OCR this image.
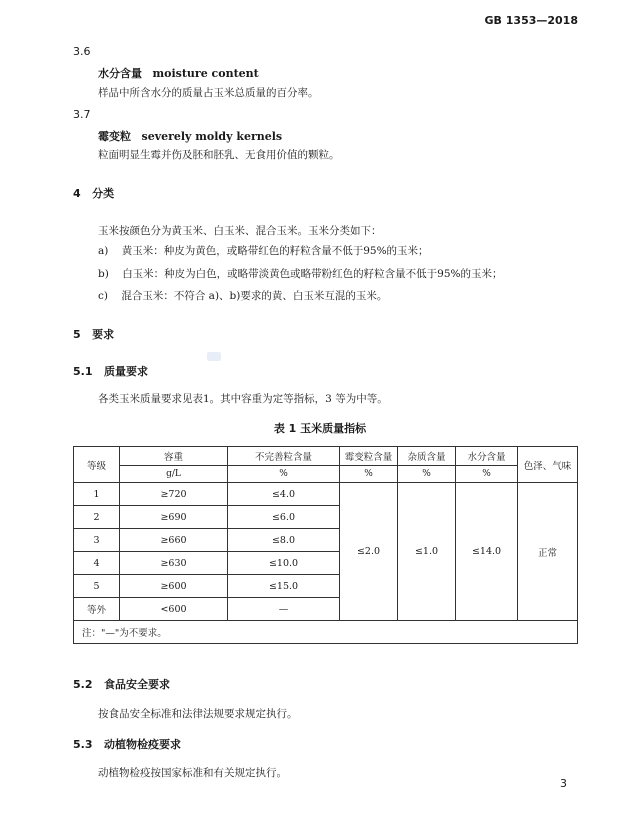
GB 1353—2018
3.6
水分含量 moisture content
样品中所含水分的质量占玉米总质量的百分率。
3.7
霉变粒 severely moldy kernels
粒面明显生霉并伤及胚和胚乳、无食用价值的颗粒。
4 分类
玉米按颜色分为黄玉米、白玉米、混合玉米。玉米分类如下：
a) 黄玉米：种皮为黄色，或略带红色的籽粒含量不低于95%的玉米；
b) 白玉米：种皮为白色，或略带淡黄色或略带粉红色的籽粒含量不低于95%的玉米；
c) 混合玉米：不符合 a)、b)要求的黄、白玉米互混的玉米。
5 要求
5.1 质量要求
各类玉米质量要求见表1。其中容重为定等指标，3 等为中等。
表 1 玉米质量指标
等级	容重	不完善粒含量	霉变粒含量	杂质含量	水分含量	色泽、气味
	g/L	%	%	%	%	
1	≥720	≤4.0	≤2.0	≤1.0	≤14.0	正常
2	≥690	≤6.0				
3	≥660	≤8.0				
4	≥630	≤10.0				
5	≥600	≤15.0				
等外	<600	—				
注："—"为不要求。						
5.2 食品安全要求
按食品安全标准和法律法规要求规定执行。
5.3 动植物检疫要求
动植物检疫按国家标准和有关规定执行。
3
